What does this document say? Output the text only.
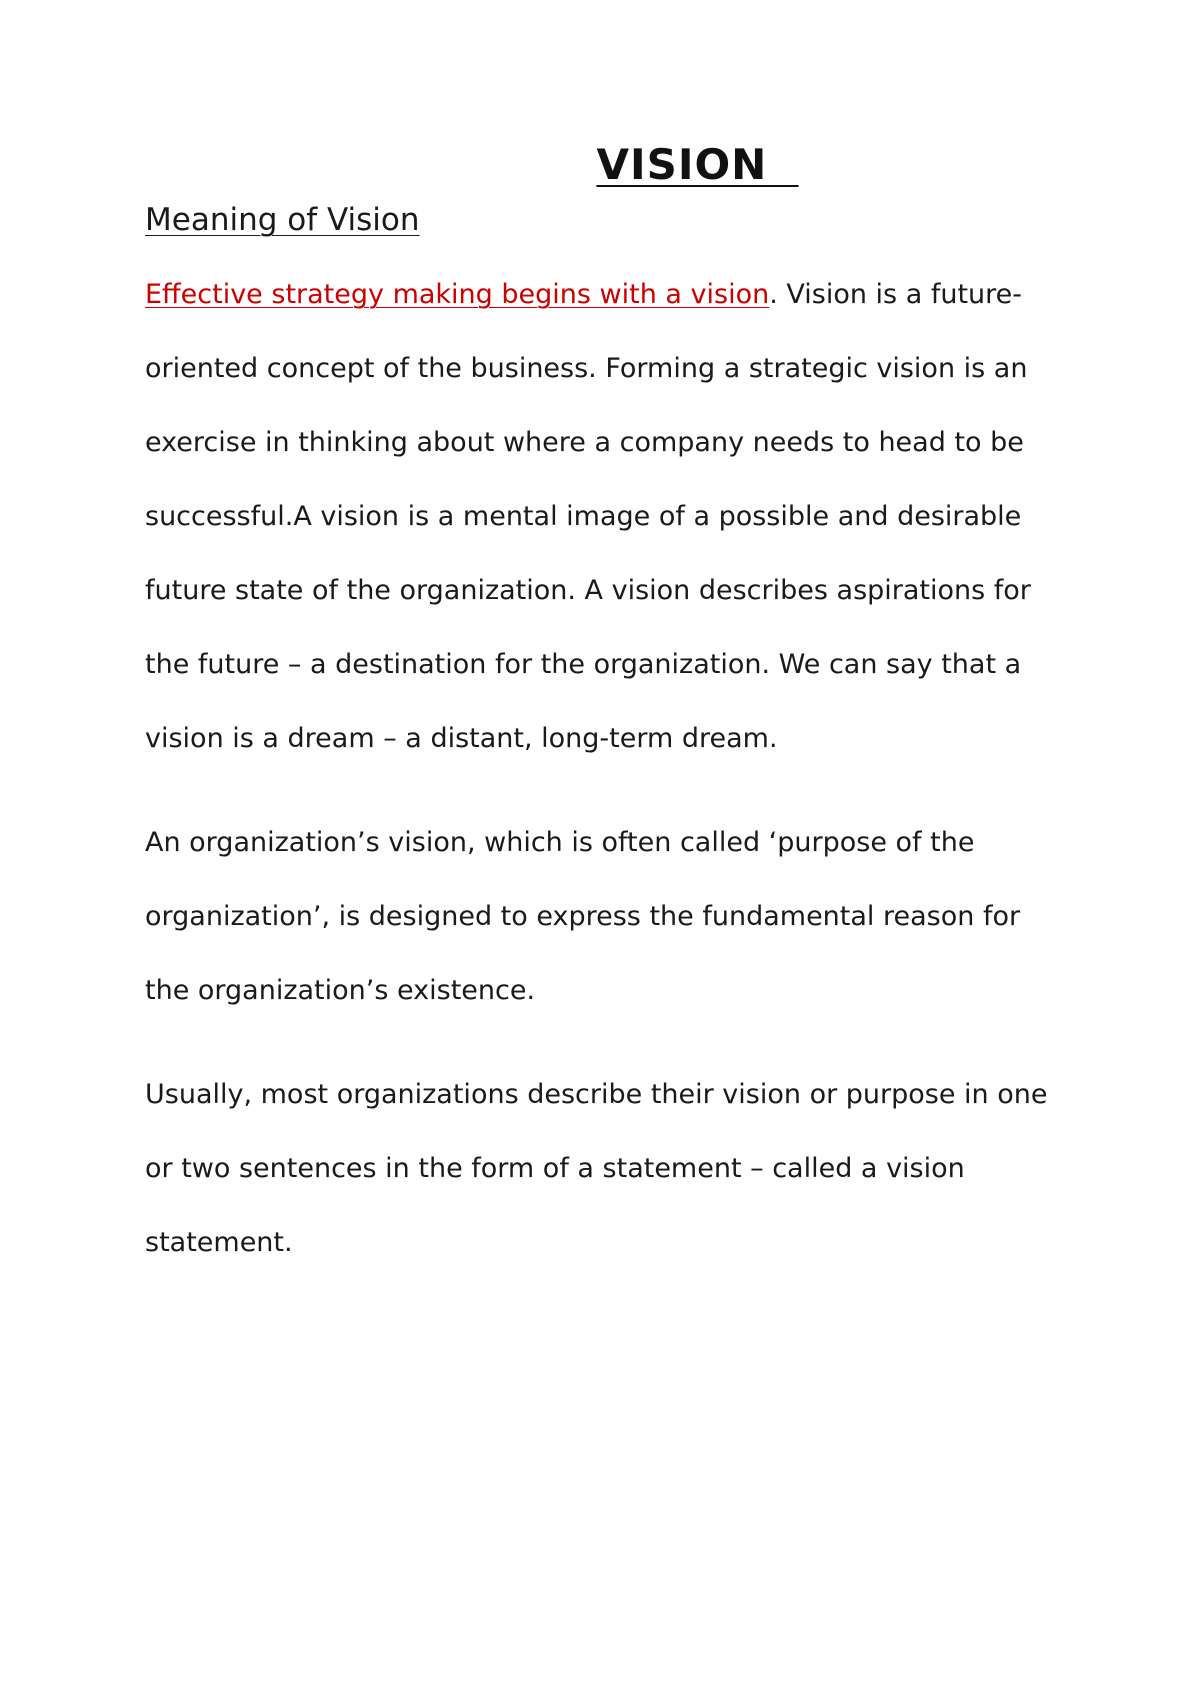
VISION
Meaning of Vision

Effective strategy making begins with a vision. Vision is a future-oriented concept of the business. Forming a strategic vision is an exercise in thinking about where a company needs to head to be successful.A vision is a mental image of a possible and desirable future state of the organization. A vision describes aspirations for the future – a destination for the organization. We can say that a vision is a dream – a distant, long-term dream.

An organization’s vision, which is often called ‘purpose of the organization’, is designed to express the fundamental reason for the organization’s existence.

Usually, most organizations describe their vision or purpose in one or two sentences in the form of a statement – called a vision statement.
